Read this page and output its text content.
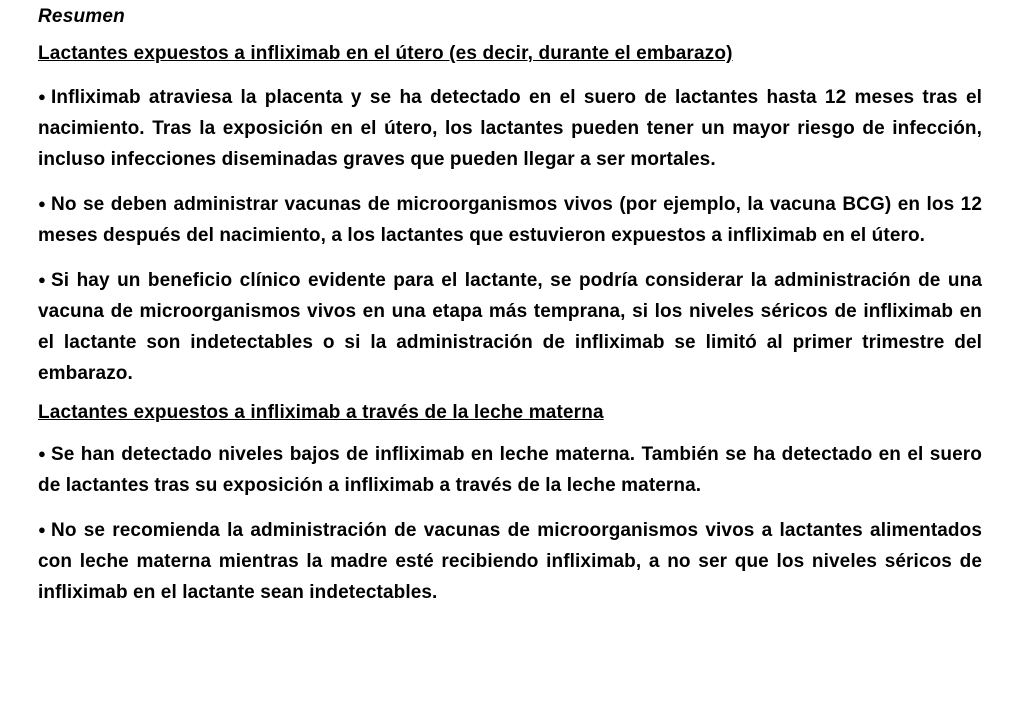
Resumen
Lactantes expuestos a infliximab en el útero (es decir, durante el embarazo)

● Infliximab atraviesa la placenta y se ha detectado en el suero de lactantes hasta 12 meses tras el nacimiento. Tras la exposición en el útero, los lactantes pueden tener un mayor riesgo de infección, incluso infecciones diseminadas graves que pueden llegar a ser mortales.

● No se deben administrar vacunas de microorganismos vivos (por ejemplo, la vacuna BCG) en los 12 meses después del nacimiento, a los lactantes que estuvieron expuestos a infliximab en el útero.

● Si hay un beneficio clínico evidente para el lactante, se podría considerar la administración de una vacuna de microorganismos vivos en una etapa más temprana, si los niveles séricos de infliximab en el lactante son indetectables o si la administración de infliximab se limitó al primer trimestre del embarazo.

Lactantes expuestos a infliximab a través de la leche materna

● Se han detectado niveles bajos de infliximab en leche materna. También se ha detectado en el suero de lactantes tras su exposición a infliximab a través de la leche materna.

● No se recomienda la administración de vacunas de microorganismos vivos a lactantes alimentados con leche materna mientras la madre esté recibiendo infliximab, a no ser que los niveles séricos de infliximab en el lactante sean indetectables.
